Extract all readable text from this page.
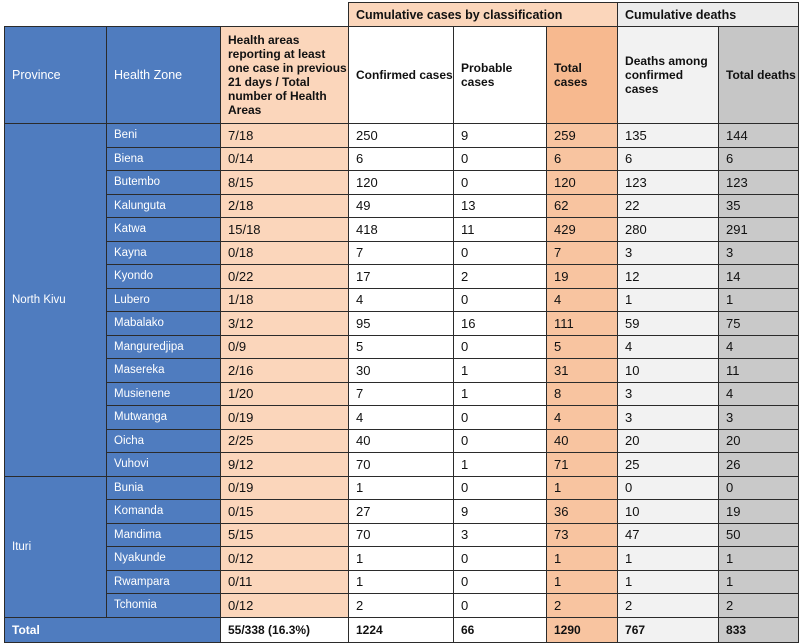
			Cumulative cases by classification			Cumulative deaths	
Province	Health Zone	Health areas reporting at least one case in previous 21 days / Total number of Health Areas	Confirmed cases	Probable cases	Total cases	Deaths among confirmed cases	Total deaths
North Kivu	Beni	7/18	250	9	259	135	144
	Biena	0/14	6	0	6	6	6
	Butembo	8/15	120	0	120	123	123
	Kalunguta	2/18	49	13	62	22	35
	Katwa	15/18	418	11	429	280	291
	Kayna	0/18	7	0	7	3	3
	Kyondo	0/22	17	2	19	12	14
	Lubero	1/18	4	0	4	1	1
	Mabalako	3/12	95	16	111	59	75
	Manguredjipa	0/9	5	0	5	4	4
	Masereka	2/16	30	1	31	10	11
	Musienene	1/20	7	1	8	3	4
	Mutwanga	0/19	4	0	4	3	3
	Oicha	2/25	40	0	40	20	20
	Vuhovi	9/12	70	1	71	25	26
Ituri	Bunia	0/19	1	0	1	0	0
	Komanda	0/15	27	9	36	10	19
	Mandima	5/15	70	3	73	47	50
	Nyakunde	0/12	1	0	1	1	1
	Rwampara	0/11	1	0	1	1	1
	Tchomia	0/12	2	0	2	2	2
Total		55/338 (16.3%)	1224	66	1290	767	833
